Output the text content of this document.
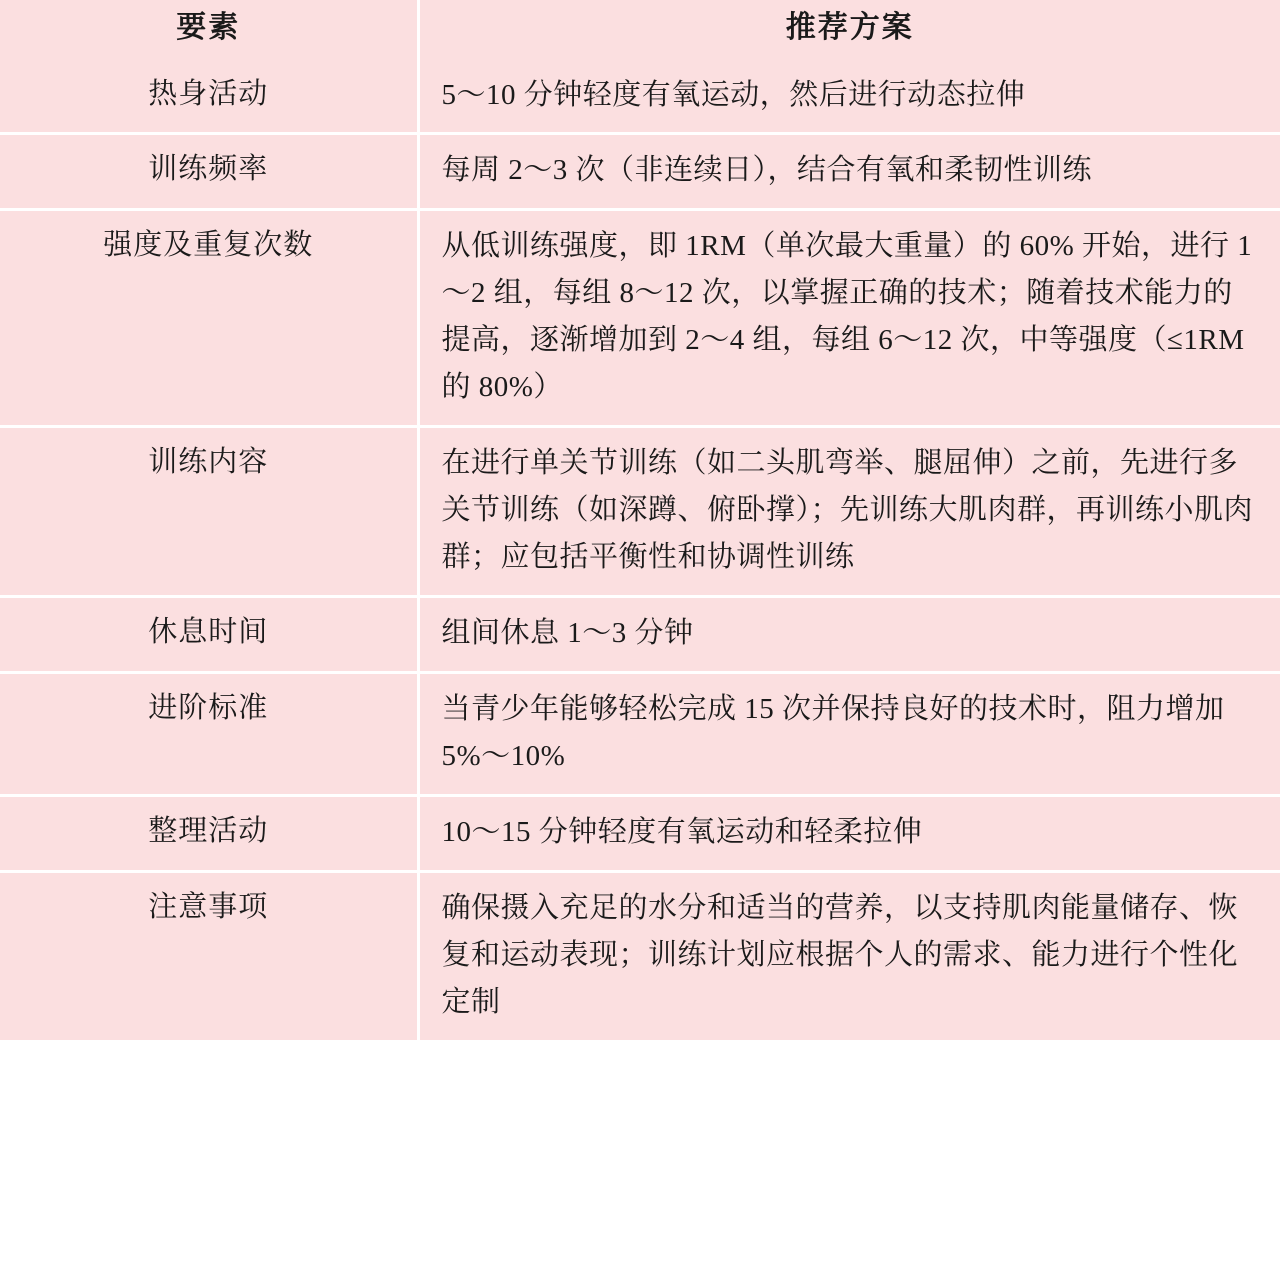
要素	推荐方案
热身活动	5～10 分钟轻度有氧运动，然后进行动态拉伸
训练频率	每周 2～3 次（非连续日），结合有氧和柔韧性训练
强度及重复次数	从低训练强度，即 1RM（单次最大重量）的 60% 开始，进行 1～2 组，每组 8～12 次，以掌握正确的技术；随着技术能力的提高，逐渐增加到 2～4 组，每组 6～12 次，中等强度（≤1RM 的 80%）
训练内容	在进行单关节训练（如二头肌弯举、腿屈伸）之前，先进行多关节训练（如深蹲、俯卧撑）；先训练大肌肉群，再训练小肌肉群；应包括平衡性和协调性训练
休息时间	组间休息 1～3 分钟
进阶标准	当青少年能够轻松完成 15 次并保持良好的技术时，阻力增加 5%～10%
整理活动	10～15 分钟轻度有氧运动和轻柔拉伸
注意事项	确保摄入充足的水分和适当的营养，以支持肌肉能量储存、恢复和运动表现；训练计划应根据个人的需求、能力进行个性化定制
